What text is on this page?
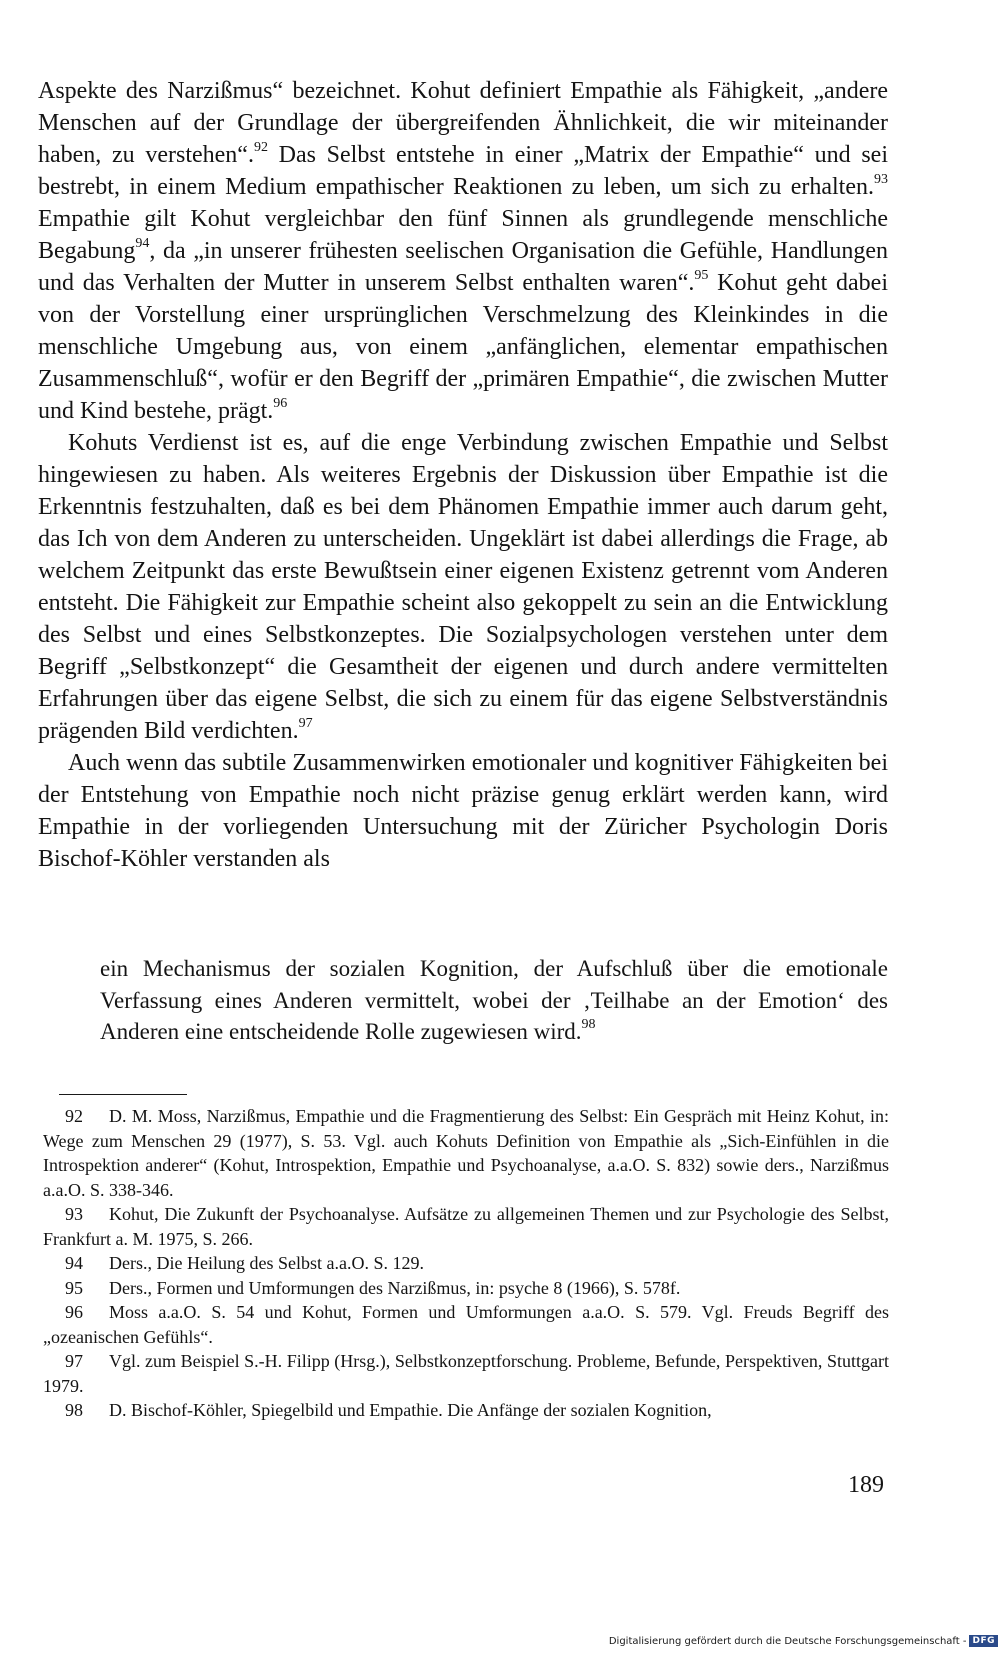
Aspekte des Narzißmus“ bezeichnet. Kohut definiert Empathie als Fähigkeit, „andere Menschen auf der Grundlage der übergreifenden Ähnlichkeit, die wir miteinander haben, zu verstehen“.$^{92}$ Das Selbst entstehe in einer „Matrix der Empathie“ und sei bestrebt, in einem Medium empathischer Reaktionen zu leben, um sich zu erhalten.$^{93}$ Empathie gilt Kohut vergleichbar den fünf Sinnen als grundlegende menschliche Begabung$^{94}$, da „in unserer frühesten seelischen Organisation die Gefühle, Handlungen und das Verhalten der Mutter in unserem Selbst enthalten waren“.$^{95}$ Kohut geht dabei von der Vorstellung einer ursprünglichen Verschmelzung des Kleinkindes in die menschliche Umgebung aus, von einem „anfänglichen, elementar empathischen Zusammenschluß“, wofür er den Begriff der „primären Empathie“, die zwischen Mutter und Kind bestehe, prägt.$^{96}$

Kohuts Verdienst ist es, auf die enge Verbindung zwischen Empathie und Selbst hingewiesen zu haben. Als weiteres Ergebnis der Diskussion über Empathie ist die Erkenntnis festzuhalten, daß es bei dem Phänomen Empathie immer auch darum geht, das Ich von dem Anderen zu unterscheiden. Ungeklärt ist dabei allerdings die Frage, ab welchem Zeitpunkt das erste Bewußtsein einer eigenen Existenz getrennt vom Anderen entsteht. Die Fähigkeit zur Empathie scheint also gekoppelt zu sein an die Entwicklung des Selbst und eines Selbstkonzeptes. Die Sozialpsychologen verstehen unter dem Begriff „Selbstkonzept“ die Gesamtheit der eigenen und durch andere vermittelten Erfahrungen über das eigene Selbst, die sich zu einem für das eigene Selbstverständnis prägenden Bild verdichten.$^{97}$

Auch wenn das subtile Zusammenwirken emotionaler und kognitiver Fähigkeiten bei der Entstehung von Empathie noch nicht präzise genug erklärt werden kann, wird Empathie in der vorliegenden Untersuchung mit der Züricher Psychologin Doris Bischof-Köhler verstanden als

ein Mechanismus der sozialen Kognition, der Aufschluß über die emotionale Verfassung eines Anderen vermittelt, wobei der ‚Teilhabe an der Emotion‘ des Anderen eine entscheidende Rolle zugewiesen wird.$^{98}$

92 D. M. Moss, Narzißmus, Empathie und die Fragmentierung des Selbst: Ein Gespräch mit Heinz Kohut, in: Wege zum Menschen 29 (1977), S. 53. Vgl. auch Kohuts Definition von Empathie als „Sich-Einfühlen in die Introspektion anderer“ (Kohut, Introspektion, Empathie und Psychoanalyse, a.a.O. S. 832) sowie ders., Narzißmus a.a.O. S. 338-346.

93 Kohut, Die Zukunft der Psychoanalyse. Aufsätze zu allgemeinen Themen und zur Psychologie des Selbst, Frankfurt a. M. 1975, S. 266.

94 Ders., Die Heilung des Selbst a.a.O. S. 129.

95 Ders., Formen und Umformungen des Narzißmus, in: psyche 8 (1966), S. 578f.

96 Moss a.a.O. S. 54 und Kohut, Formen und Umformungen a.a.O. S. 579. Vgl. Freuds Begriff des „ozeanischen Gefühls“.

97 Vgl. zum Beispiel S.-H. Filipp (Hrsg.), Selbstkonzeptforschung. Probleme, Befunde, Perspektiven, Stuttgart 1979.

98 D. Bischof-Köhler, Spiegelbild und Empathie. Die Anfänge der sozialen Kognition,

189
Digitalisierung gefördert durch die Deutsche Forschungsgemeinschaft - DFG
